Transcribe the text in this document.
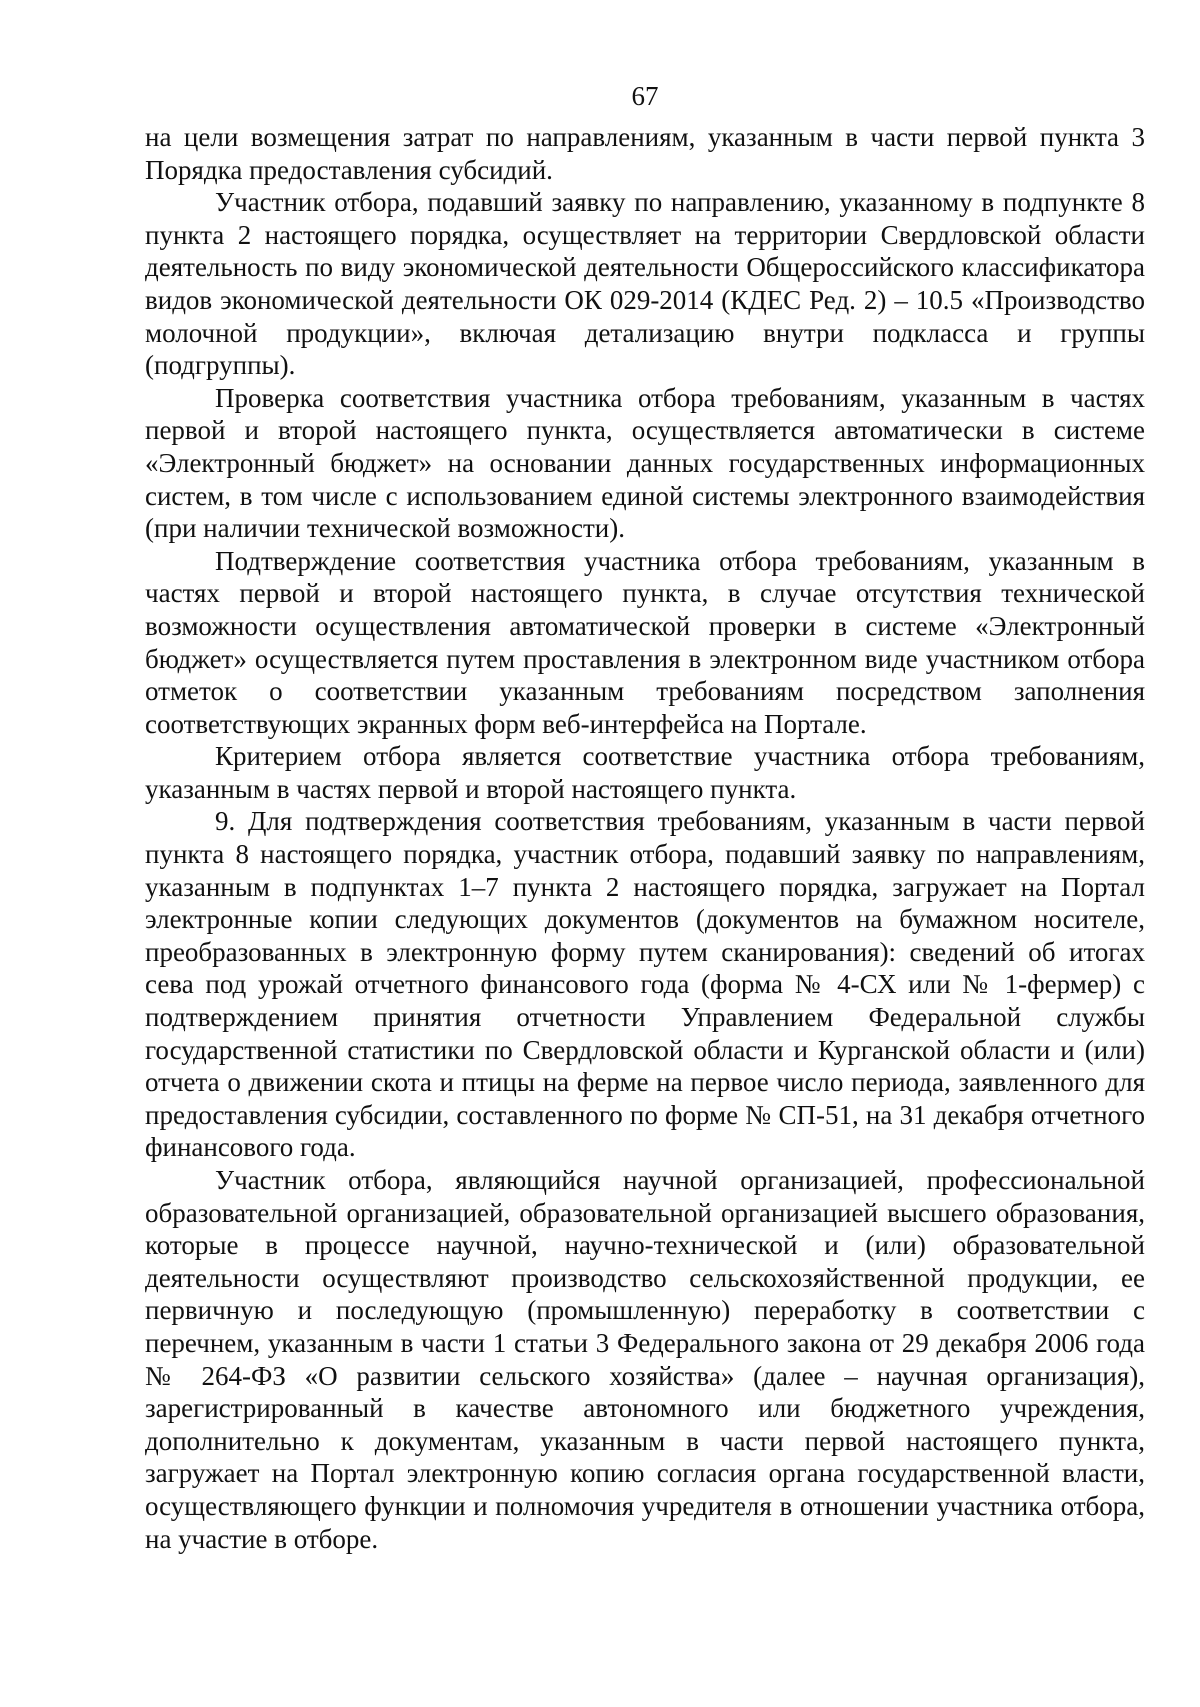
67

на цели возмещения затрат по направлениям, указанным в части первой пункта 3 Порядка предоставления субсидий.

Участник отбора, подавший заявку по направлению, указанному в подпункте 8 пункта 2 настоящего порядка, осуществляет на территории Свердловской области деятельность по виду экономической деятельности Общероссийского классификатора видов экономической деятельности ОК 029-2014 (КДЕС Ред. 2) – 10.5 «Производство молочной продукции», включая детализацию внутри подкласса и группы (подгруппы).

Проверка соответствия участника отбора требованиям, указанным в частях первой и второй настоящего пункта, осуществляется автоматически в системе «Электронный бюджет» на основании данных государственных информационных систем, в том числе с использованием единой системы электронного взаимодействия (при наличии технической возможности).

Подтверждение соответствия участника отбора требованиям, указанным в частях первой и второй настоящего пункта, в случае отсутствия технической возможности осуществления автоматической проверки в системе «Электронный бюджет» осуществляется путем проставления в электронном виде участником отбора отметок о соответствии указанным требованиям посредством заполнения соответствующих экранных форм веб-интерфейса на Портале.

Критерием отбора является соответствие участника отбора требованиям, указанным в частях первой и второй настоящего пункта.

9. Для подтверждения соответствия требованиям, указанным в части первой пункта 8 настоящего порядка, участник отбора, подавший заявку по направлениям, указанным в подпунктах 1–7 пункта 2 настоящего порядка, загружает на Портал электронные копии следующих документов (документов на бумажном носителе, преобразованных в электронную форму путем сканирования): сведений об итогах сева под урожай отчетного финансового года (форма № 4-СХ или № 1-фермер) с подтверждением принятия отчетности Управлением Федеральной службы государственной статистики по Свердловской области и Курганской области и (или) отчета о движении скота и птицы на ферме на первое число периода, заявленного для предоставления субсидии, составленного по форме № СП-51, на 31 декабря отчетного финансового года.

Участник отбора, являющийся научной организацией, профессиональной образовательной организацией, образовательной организацией высшего образования, которые в процессе научной, научно-технической и (или) образовательной деятельности осуществляют производство сельскохозяйственной продукции, ее первичную и последующую (промышленную) переработку в соответствии с перечнем, указанным в части 1 статьи 3 Федерального закона от 29 декабря 2006 года № 264-ФЗ «О развитии сельского хозяйства» (далее – научная организация), зарегистрированный в качестве автономного или бюджетного учреждения, дополнительно к документам, указанным в части первой настоящего пункта, загружает на Портал электронную копию согласия органа государственной власти, осуществляющего функции и полномочия учредителя в отношении участника отбора, на участие в отборе.
